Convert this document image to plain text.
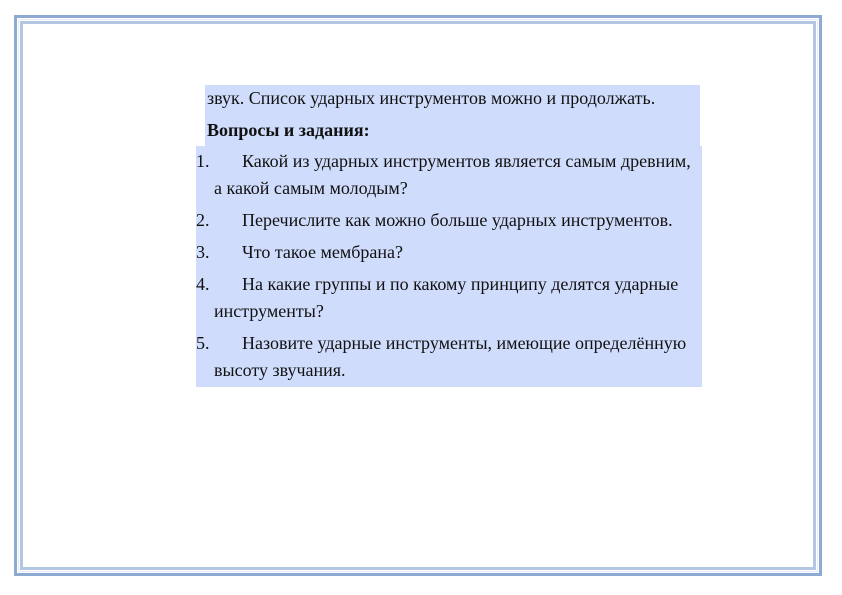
звук. Список ударных инструментов можно и продолжать.
Вопросы и задания:
1.	Какой из ударных инструментов является самым древним, а какой самым молодым?
2.	Перечислите как можно больше ударных инструментов.
3.	Что такое мембрана?
4.	На какие группы и по какому принципу делятся ударные инструменты?
5.	Назовите ударные инструменты, имеющие определённую высоту звучания.
